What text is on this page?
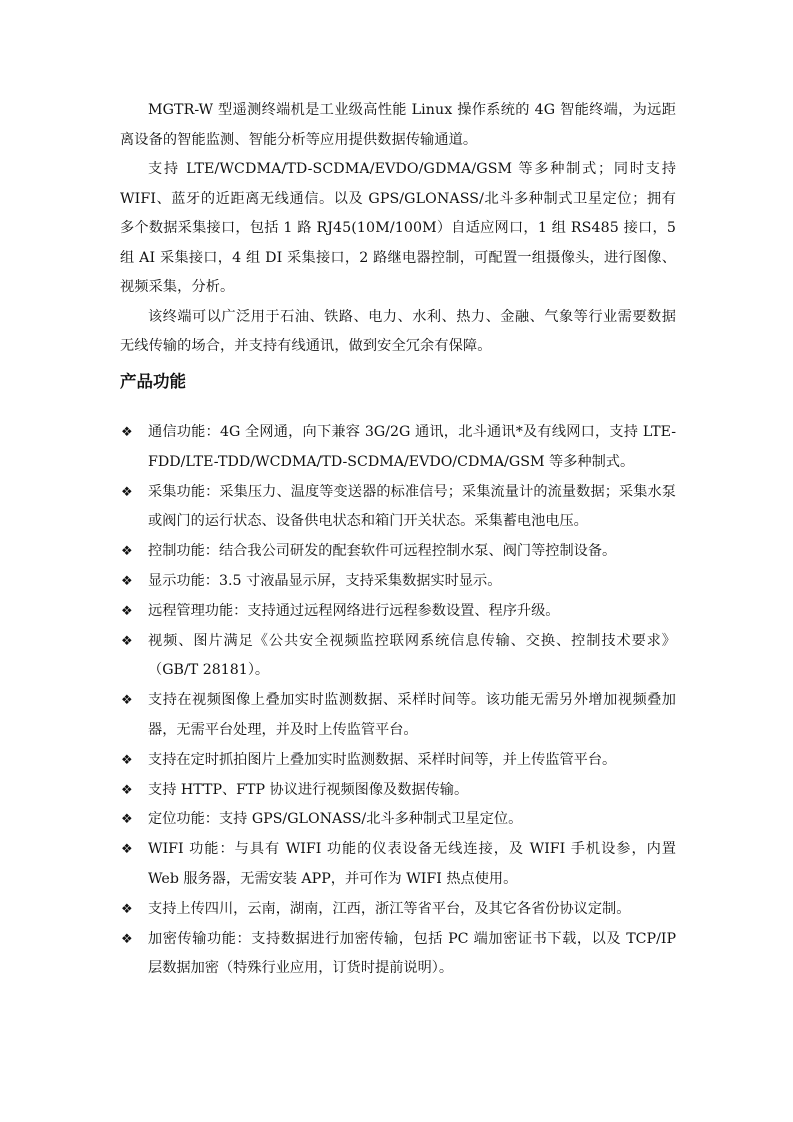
MGTR-W 型遥测终端机是工业级高性能 Linux 操作系统的 4G 智能终端，为远距离设备的智能监测、智能分析等应用提供数据传输通道。

支持 LTE/WCDMA/TD-SCDMA/EVDO/GDMA/GSM 等多种制式；同时支持 WIFI、蓝牙的近距离无线通信。以及 GPS/GLONASS/北斗多种制式卫星定位；拥有多个数据采集接口，包括 1 路 RJ45(10M/100M）自适应网口，1 组 RS485 接口，5 组 AI 采集接口，4 组 DI 采集接口，2 路继电器控制，可配置一组摄像头，进行图像、视频采集，分析。

该终端可以广泛用于石油、铁路、电力、水利、热力、金融、气象等行业需要数据无线传输的场合，并支持有线通讯，做到安全冗余有保障。

产品功能
❖ 通信功能：4G 全网通，向下兼容 3G/2G 通讯，北斗通讯*及有线网口，支持 LTE-FDD/LTE-TDD/WCDMA/TD-SCDMA/EVDO/CDMA/GSM 等多种制式。
❖ 采集功能：采集压力、温度等变送器的标准信号；采集流量计的流量数据；采集水泵或阀门的运行状态、设备供电状态和箱门开关状态。采集蓄电池电压。
❖ 控制功能：结合我公司研发的配套软件可远程控制水泵、阀门等控制设备。
❖ 显示功能：3.5 寸液晶显示屏，支持采集数据实时显示。
❖ 远程管理功能：支持通过远程网络进行远程参数设置、程序升级。
❖ 视频、图片满足《公共安全视频监控联网系统信息传输、交换、控制技术要求》（GB/T 28181）。
❖ 支持在视频图像上叠加实时监测数据、采样时间等。该功能无需另外增加视频叠加器，无需平台处理，并及时上传监管平台。
❖ 支持在定时抓拍图片上叠加实时监测数据、采样时间等，并上传监管平台。
❖ 支持 HTTP、FTP 协议进行视频图像及数据传输。
❖ 定位功能：支持 GPS/GLONASS/北斗多种制式卫星定位。
❖ WIFI 功能：与具有 WIFI 功能的仪表设备无线连接，及 WIFI 手机设参，内置 Web 服务器，无需安装 APP，并可作为 WIFI 热点使用。
❖ 支持上传四川，云南，湖南，江西，浙江等省平台，及其它各省份协议定制。
❖ 加密传输功能：支持数据进行加密传输，包括 PC 端加密证书下载，以及 TCP/IP 层数据加密（特殊行业应用，订货时提前说明）。
